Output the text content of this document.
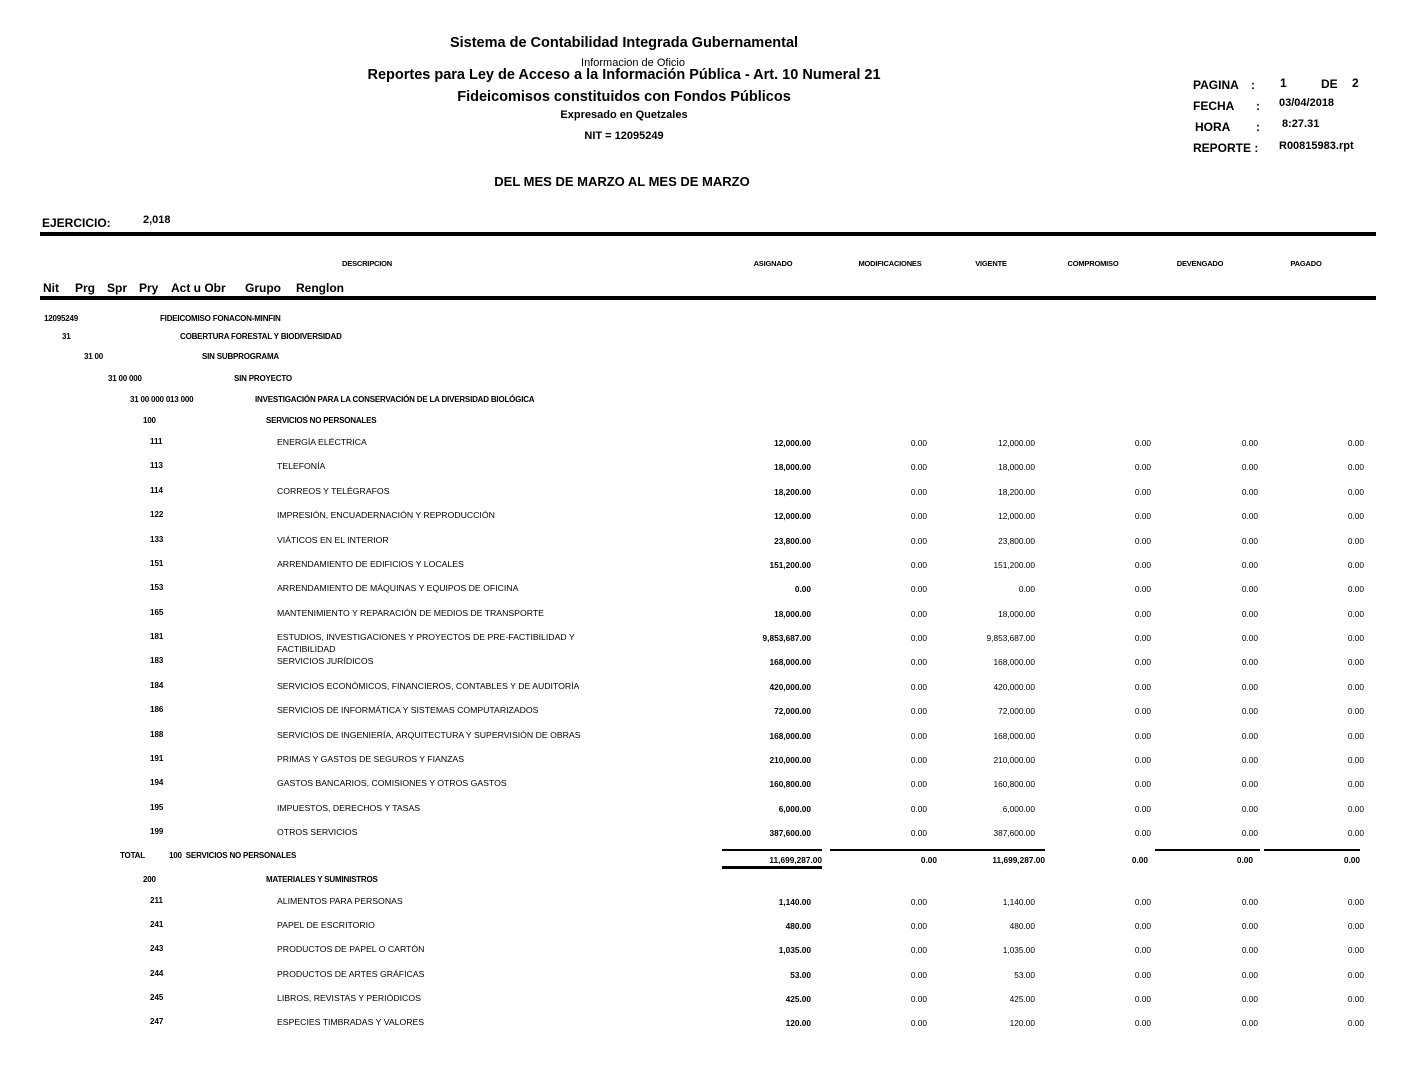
Sistema de Contabilidad Integrada Gubernamental
Informacion de Oficio
Reportes para Ley de Acceso a la Información Pública - Art. 10 Numeral 21
Fideicomisos constituidos con Fondos Públicos
Expresado en Quetzales
NIT = 12095249
DEL MES DE MARZO AL MES DE MARZO
PAGINA : 1	DE 2
FECHA : 03/04/2018
HORA : 8:27.31
REPORTE : R00815983.rpt
EJERCICIO:	2,018
DESCRIPCION	ASIGNADO	MODIFICACIONES	VIGENTE	COMPROMISO	DEVENGADO	PAGADO
Nit Prg Spr Pry Act u Obr Grupo Renglon
12095249	FIDEICOMISO FONACON-MINFIN
31	COBERTURA FORESTAL Y BIODIVERSIDAD
31 00	SIN SUBPROGRAMA
31 00 000	SIN PROYECTO
31 00 000 013 000	INVESTIGACIÓN PARA LA CONSERVACIÓN DE LA DIVERSIDAD BIOLÓGICA
100	SERVICIOS NO PERSONALES
111	ENERGÍA ELÉCTRICA	12,000.00	0.00	12,000.00	0.00	0.00	0.00
113	TELEFONÍA	18,000.00	0.00	18,000.00	0.00	0.00	0.00
114	CORREOS Y TELÉGRAFOS	18,200.00	0.00	18,200.00	0.00	0.00	0.00
122	IMPRESIÓN, ENCUADERNACIÓN Y REPRODUCCIÓN	12,000.00	0.00	12,000.00	0.00	0.00	0.00
133	VIÁTICOS EN EL INTERIOR	23,800.00	0.00	23,800.00	0.00	0.00	0.00
151	ARRENDAMIENTO DE EDIFICIOS Y LOCALES	151,200.00	0.00	151,200.00	0.00	0.00	0.00
153	ARRENDAMIENTO DE MÁQUINAS Y EQUIPOS DE OFICINA	0.00	0.00	0.00	0.00	0.00	0.00
165	MANTENIMIENTO Y REPARACIÓN DE MEDIOS DE TRANSPORTE	18,000.00	0.00	18,000.00	0.00	0.00	0.00
181	ESTUDIOS, INVESTIGACIONES Y PROYECTOS DE PRE-FACTIBILIDAD Y FACTIBILIDAD
9,853,687.00	0.00	9,853,687.00	0.00	0.00	0.00
183	SERVICIOS JURÍDICOS	168,000.00	0.00	168,000.00	0.00	0.00	0.00
184	SERVICIOS ECONÓMICOS, FINANCIEROS, CONTABLES Y DE AUDITORÍA	420,000.00	0.00	420,000.00	0.00	0.00	0.00
186	SERVICIOS DE INFORMÁTICA Y SISTEMAS COMPUTARIZADOS	72,000.00	0.00	72,000.00	0.00	0.00	0.00
188	SERVICIOS DE INGENIERÍA, ARQUITECTURA Y SUPERVISIÓN DE OBRAS	168,000.00	0.00	168,000.00	0.00	0.00	0.00
191	PRIMAS Y GASTOS DE SEGUROS Y FIANZAS	210,000.00	0.00	210,000.00	0.00	0.00	0.00
194	GASTOS BANCARIOS, COMISIONES Y OTROS GASTOS	160,800.00	0.00	160,800.00	0.00	0.00	0.00
195	IMPUESTOS, DERECHOS Y TASAS	6,000.00	0.00	6,000.00	0.00	0.00	0.00
199	OTROS SERVICIOS	387,600.00	0.00	387,600.00	0.00	0.00	0.00
TOTAL	100  SERVICIOS NO PERSONALES	11,699,287.00	0.00	11,699,287.00	0.00	0.00	0.00
200	MATERIALES Y SUMINISTROS
211	ALIMENTOS PARA PERSONAS	1,140.00	0.00	1,140.00	0.00	0.00	0.00
241	PAPEL DE ESCRITORIO	480.00	0.00	480.00	0.00	0.00	0.00
243	PRODUCTOS DE PAPEL O CARTÓN	1,035.00	0.00	1,035.00	0.00	0.00	0.00
244	PRODUCTOS DE ARTES GRÁFICAS	53.00	0.00	53.00	0.00	0.00	0.00
245	LIBROS, REVISTAS Y PERIÓDICOS	425.00	0.00	425.00	0.00	0.00	0.00
247	ESPECIES TIMBRADAS Y VALORES	120.00	0.00	120.00	0.00	0.00	0.00
